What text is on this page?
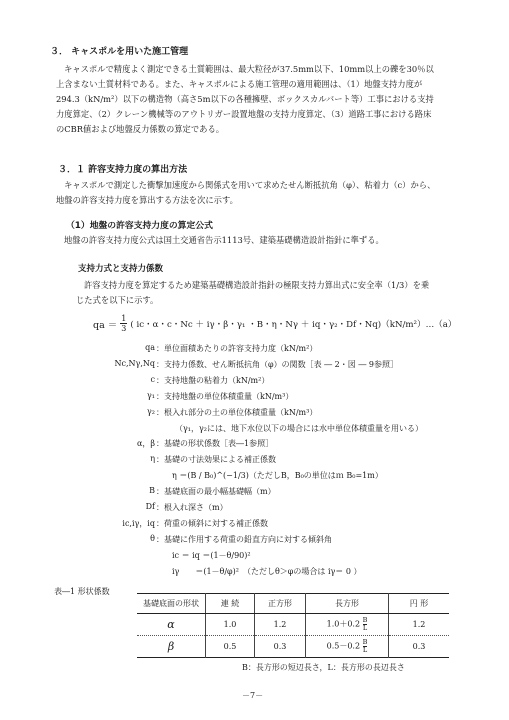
３． キャスポルを用いた施工管理
キャスポルで精度よく測定できる土質範囲は、最大粒径が37.5mm以下、10mm以上の礫を30％以
上含まない土質材料である。また、キャスポルによる施工管理の適用範囲は、（1）地盤支持力度が
294.3（kN/m²）以下の構造物（高さ5m以下の各種擁壁、ボックスカルバート等）工事における支持
力度算定、（2）クレーン機械等のアウトリガー設置地盤の支持力度算定、（3）道路工事における路床
のCBR値および地盤反力係数の算定である。
３．１ 許容支持力度の算出方法
キャスポルで測定した衝撃加速度から関係式を用いて求めたせん断抵抗角（φ）、粘着力（c）から、
地盤の許容支持力度を算出する方法を次に示す。
（1）地盤の許容支持力度の算定公式
地盤の許容支持力度公式は国土交通省告示1113号、建築基礎構造設計指針に準ずる。
支持力式と支持力係数
許容支持力度を算定するため建築基礎構造設計指針の極限支持力算出式に安全率（1/3）を乗
じた式を以下に示す。
qa ＝ $\frac{1}{3}$ ( ic・α・c・Nc ＋ iγ・β・γ₁ ・B・η・Nγ ＋ iq・γ₂・Df・Nq)（kN/m²）…（a）
qa ：単位面積あたりの許容支持力度（kN/m²）
Nc,Nγ,Nq ：支持力係数、せん断抵抗角（φ）の関数［表 ― 2・図 ― 9参照］
c ：支持地盤の粘着力（kN/m²）
γ₁ ：支持地盤の単位体積重量（kN/m³）
γ₂ ：根入れ部分の土の単位体積重量（kN/m³）
（γ₁，γ₂には、地下水位以下の場合には水中単位体積重量を用いる）
α，β ：基礎の形状係数［表―1参照］
η ：基礎の寸法効果による補正係数
η ＝(B / B₀)^(−1/3)（ただしB，B₀の単位はｍ B₀=1m）
B ：基礎底面の最小幅基礎幅（m）
Df ：根入れ深さ（m）
ic,iγ，iq ：荷重の傾斜に対する補正係数
θ ：基礎に作用する荷重の鉛直方向に対する傾斜角
ic ＝ iq ＝(1－θ/90)²
iγ　　＝(1－θ/φ)²　（ただしθ＞φの場合は iγ＝ 0 ）
表―1 形状係数
基礎底面の形状	連 続	正方形	長方形	円 形
α	1.0	1.2	$1.0+0.2 \frac{B}{L}$	1.2
β	0.5	0.3	$0.5-0.2 \frac{B}{L}$	0.3
B：長方形の短辺長さ，L：長方形の長辺長さ
－7－
